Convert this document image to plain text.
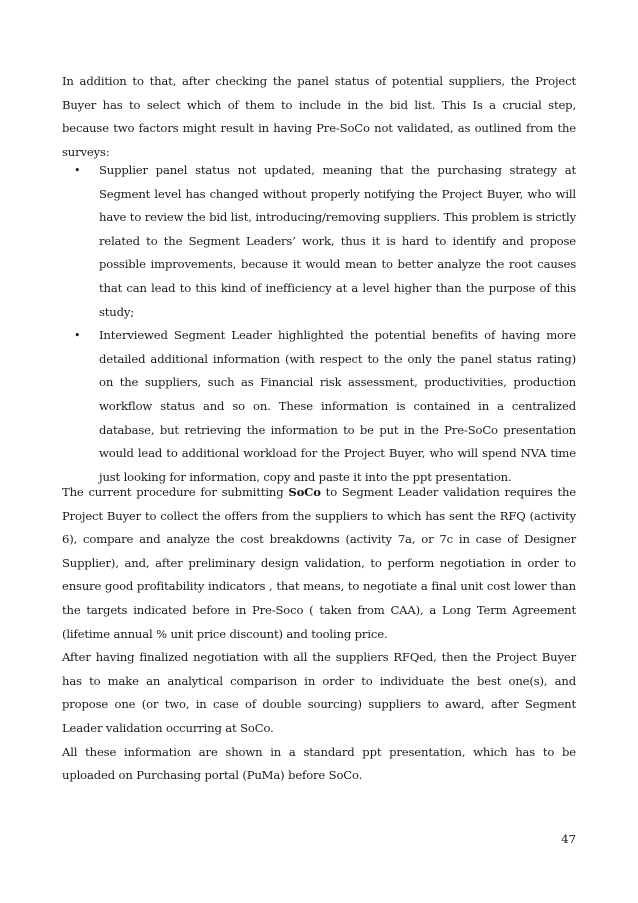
In addition to that, after checking the panel status of potential suppliers, the Project Buyer has to select which of them to include in the bid list. This Is a crucial step, because two factors might result in having Pre-SoCo not validated, as outlined from the surveys:
• Supplier panel status not updated, meaning that the purchasing strategy at Segment level has changed without properly notifying the Project Buyer, who will have to review the bid list, introducing/removing suppliers. This problem is strictly related to the Segment Leaders’ work, thus it is hard to identify and propose possible improvements, because it would mean to better analyze the root causes that can lead to this kind of inefficiency at a level higher than the purpose of this study;
• Interviewed Segment Leader highlighted the potential benefits of having more detailed additional information (with respect to the only the panel status rating) on the suppliers, such as Financial risk assessment, productivities, production workflow status and so on. These information is contained in a centralized database, but retrieving the information to be put in the Pre-SoCo presentation would lead to additional workload for the Project Buyer, who will spend NVA time just looking for information, copy and paste it into the ppt presentation.

The current procedure for submitting SoCo to Segment Leader validation requires the Project Buyer to collect the offers from the suppliers to which has sent the RFQ (activity 6), compare and analyze the cost breakdowns (activity 7a, or 7c in case of Designer Supplier), and, after preliminary design validation, to perform negotiation in order to ensure good profitability indicators , that means, to negotiate a final unit cost lower than the targets indicated before in Pre-Soco ( taken from CAA), a Long Term Agreement (lifetime annual % unit price discount) and tooling price.

After having finalized negotiation with all the suppliers RFQed, then the Project Buyer has to make an analytical comparison in order to individuate the best one(s), and propose one (or two, in case of double sourcing) suppliers to award, after Segment Leader validation occurring at SoCo.

All these information are shown in a standard ppt presentation, which has to be uploaded on Purchasing portal (PuMa) before SoCo.

47
